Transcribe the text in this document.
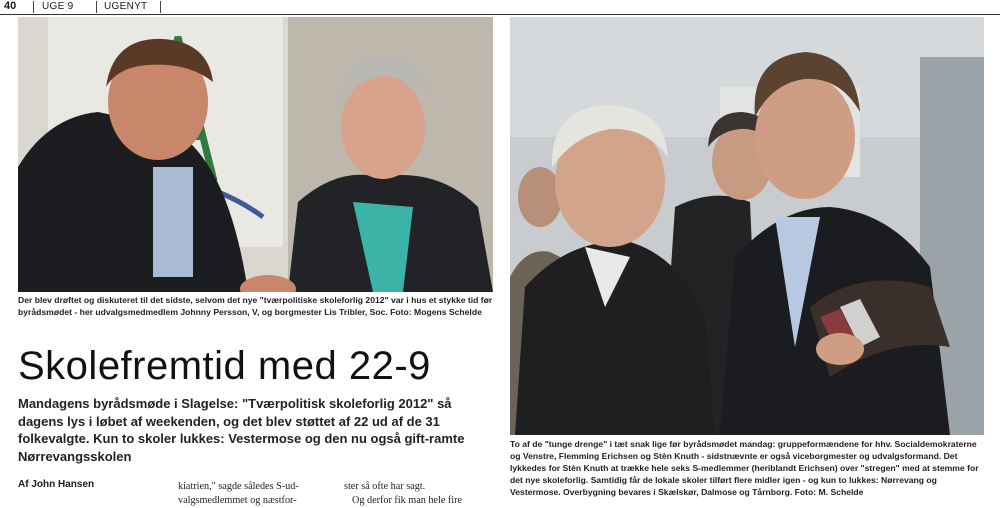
40	UGE 9	UGENYT
Der blev drøftet og diskuteret til det sidste, selvom det nye "tværpolitiske skoleforlig 2012" var i hus et stykke tid før byrådsmødet - her udvalgsmedmedlem Johnny Persson, V, og borgmester Lis Tribler, Soc. Foto: Mogens Schelde
To af de "tunge drenge" i tæt snak lige før byrådsmødet mandag: gruppeformændene for hhv. Socialdemokraterne og Venstre, Flemming Erichsen og Stèn Knuth - sidstnævnte er også viceborgmester og udvalgsformand. Det lykkedes for Stèn Knuth at trække hele seks S-medlemmer (heriblandt Erichsen) over "stregen" med at stemme for det nye skoleforlig. Samtidig får de lokale skoler tilført flere midler igen - og kun to lukkes: Nørrevang og Vestermose. Overbygning bevares i Skælskør, Dalmose og Tårnborg. Foto: M. Schelde
Skolefremtid med 22-9
Mandagens byrådsmøde i Slagelse: "Tværpolitisk skoleforlig 2012" så dagens lys i løbet af weekenden, og det blev støttet af 22 ud af de 31 folkevalgte. Kun to skoler lukkes: Vestermose og den nu også gift-ramte Nørrevangsskolen
Af John Hansen	kiatrien," sagde således S-ud-

valgsmedlemmet og næstfor-

ster så ofte har sagt.

Og derfor fik man hele fire
